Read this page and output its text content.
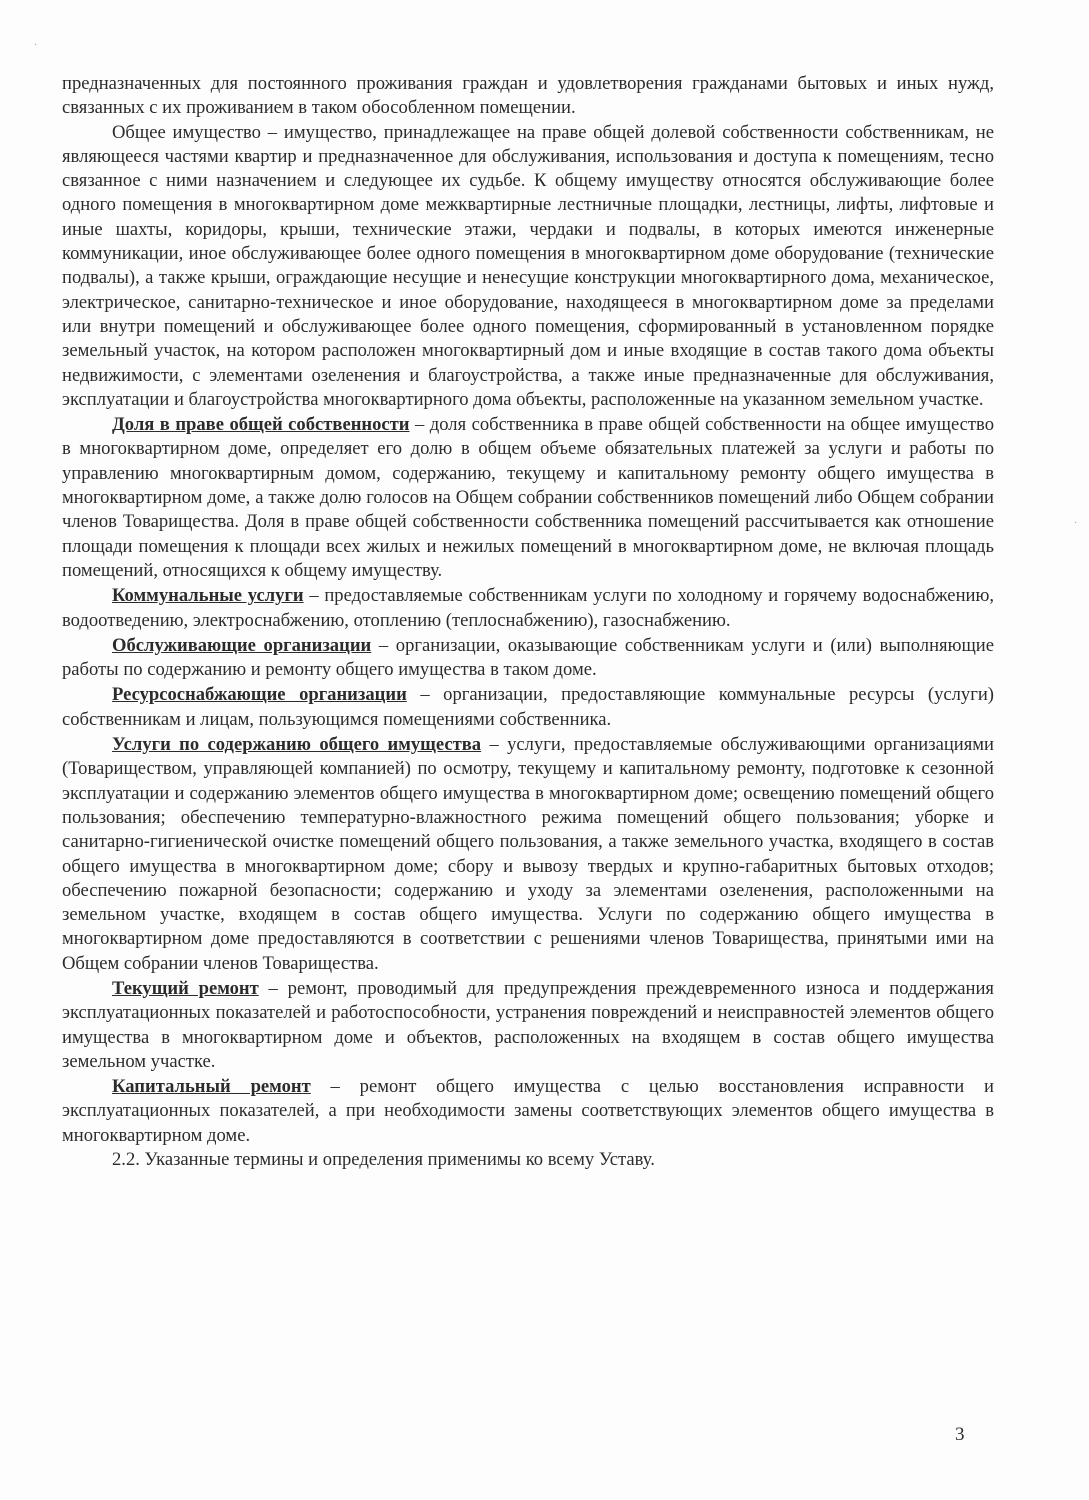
·
·

предназначенных для постоянного проживания граждан и удовлетворения гражданами бытовых и иных нужд, связанных с их проживанием в таком обособленном помещении.

Общее имущество – имущество, принадлежащее на праве общей долевой собственности собственникам, не являющееся частями квартир и предназначенное для обслуживания, использования и доступа к помещениям, тесно связанное с ними назначением и следующее их судьбе. К общему имуществу относятся обслуживающие более одного помещения в многоквартирном доме межквартирные лестничные площадки, лестницы, лифты, лифтовые и иные шахты, коридоры, крыши, технические этажи, чердаки и подвалы, в которых имеются инженерные коммуникации, иное обслуживающее более одного помещения в многоквартирном доме оборудование (технические подвалы), а также крыши, ограждающие несущие и ненесущие конструкции многоквартирного дома, механическое, электрическое, санитарно-техническое и иное оборудование, находящееся в многоквартирном доме за пределами или внутри помещений и обслуживающее более одного помещения, сформированный в установленном порядке земельный участок, на котором расположен многоквартирный дом и иные входящие в состав такого дома объекты недвижимости, с элементами озеленения и благоустройства, а также иные предназначенные для обслуживания, эксплуатации и благоустройства многоквартирного дома объекты, расположенные на указанном земельном участке.

Доля в праве общей собственности – доля собственника в праве общей собственности на общее имущество в многоквартирном доме, определяет его долю в общем объеме обязательных платежей за услуги и работы по управлению многоквартирным домом, содержанию, текущему и капитальному ремонту общего имущества в многоквартирном доме, а также долю голосов на Общем собрании собственников помещений либо Общем собрании членов Товарищества. Доля в праве общей собственности собственника помещений рассчитывается как отношение площади помещения к площади всех жилых и нежилых помещений в многоквартирном доме, не включая площадь помещений, относящихся к общему имуществу.

Коммунальные услуги – предоставляемые собственникам услуги по холодному и горячему водоснабжению, водоотведению, электроснабжению, отоплению (теплоснабжению), газоснабжению.

Обслуживающие организации – организации, оказывающие собственникам услуги и (или) выполняющие работы по содержанию и ремонту общего имущества в таком доме.

Ресурсоснабжающие организации – организации, предоставляющие коммунальные ресурсы (услуги) собственникам и лицам, пользующимся помещениями собственника.

Услуги по содержанию общего имущества – услуги, предоставляемые обслуживающими организациями (Товариществом, управляющей компанией) по осмотру, текущему и капитальному ремонту, подготовке к сезонной эксплуатации и содержанию элементов общего имущества в многоквартирном доме; освещению помещений общего пользования; обеспечению температурно-влажностного режима помещений общего пользования; уборке и санитарно-гигиенической очистке помещений общего пользования, а также земельного участка, входящего в состав общего имущества в многоквартирном доме; сбору и вывозу твердых и крупно-габаритных бытовых отходов; обеспечению пожарной безопасности; содержанию и уходу за элементами озеленения, расположенными на земельном участке, входящем в состав общего имущества. Услуги по содержанию общего имущества в многоквартирном доме предоставляются в соответствии с решениями членов Товарищества, принятыми ими на Общем собрании членов Товарищества.

Текущий ремонт – ремонт, проводимый для предупреждения преждевременного износа и поддержания эксплуатационных показателей и работоспособности, устранения повреждений и неисправностей элементов общего имущества в многоквартирном доме и объектов, расположенных на входящем в состав общего имущества земельном участке.

Капитальный ремонт – ремонт общего имущества с целью восстановления исправности и эксплуатационных показателей, а при необходимости замены соответствующих элементов общего имущества в многоквартирном доме.

2.2. Указанные термины и определения применимы ко всему Уставу.

3
